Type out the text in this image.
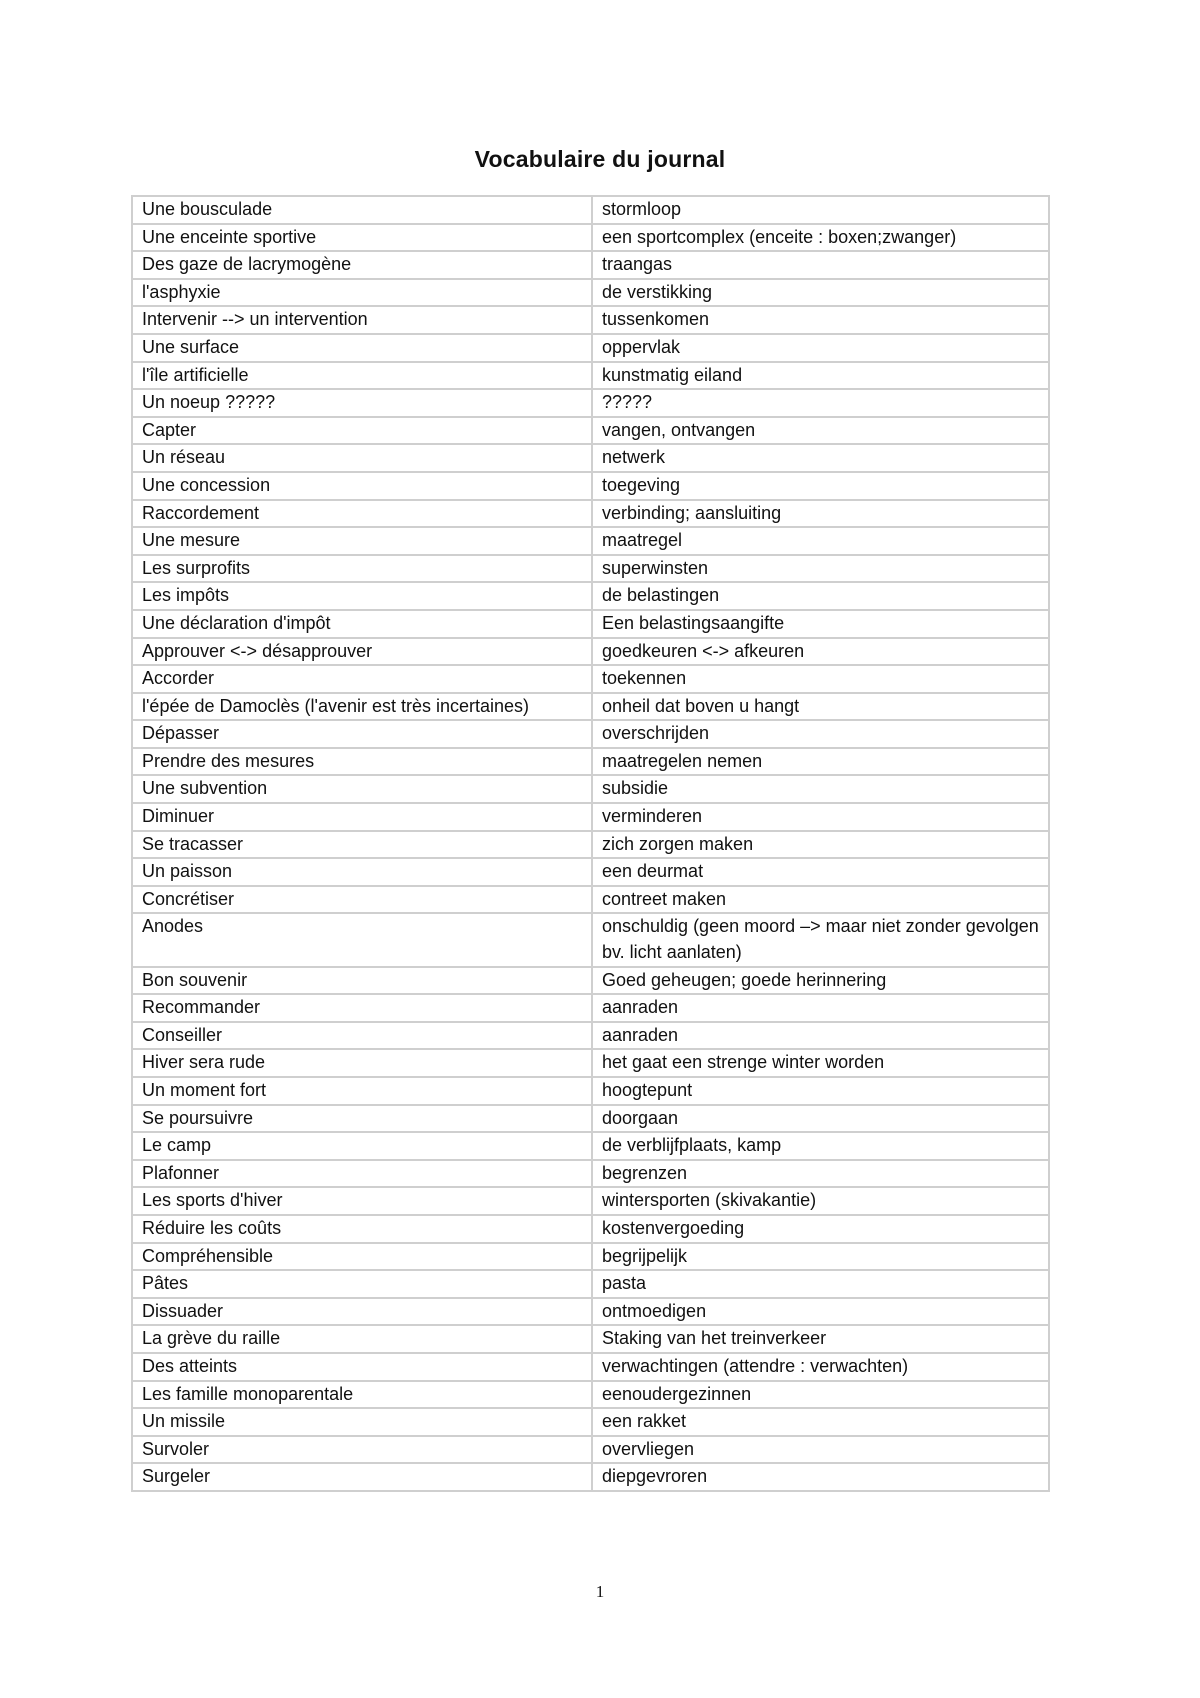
Vocabulaire du journal
Une bousculade	stormloop
Une enceinte sportive	een sportcomplex (enceite : boxen;zwanger)
Des gaze de lacrymogène	traangas
l'asphyxie	de verstikking
Intervenir --> un intervention	tussenkomen
Une surface	oppervlak
l'île artificielle	kunstmatig eiland
Un noeup ?????	?????
Capter	vangen, ontvangen
Un réseau	netwerk
Une concession	toegeving
Raccordement	verbinding; aansluiting
Une mesure	maatregel
Les surprofits	superwinsten
Les impôts	de belastingen
Une déclaration d'impôt	Een belastingsaangifte
Approuver <-> désapprouver	goedkeuren <-> afkeuren
Accorder	toekennen
l'épée de Damoclès (l'avenir est très incertaines)	onheil dat boven u hangt
Dépasser	overschrijden
Prendre des mesures	maatregelen nemen
Une subvention	subsidie
Diminuer	verminderen
Se tracasser	zich zorgen maken
Un paisson	een deurmat
Concrétiser	contreet maken
Anodes	onschuldig (geen moord –> maar niet zonder gevolgen bv. licht aanlaten)
Bon souvenir	Goed geheugen; goede herinnering
Recommander	aanraden
Conseiller	aanraden
Hiver sera rude	het gaat een strenge winter worden
Un moment fort	hoogtepunt
Se poursuivre	doorgaan
Le camp	de verblijfplaats, kamp
Plafonner	begrenzen
Les sports d'hiver	wintersporten (skivakantie)
Réduire les coûts	kostenvergoeding
Compréhensible	begrijpelijk
Pâtes	pasta
Dissuader	ontmoedigen
La grève du raille	Staking van het treinverkeer
Des atteints	verwachtingen (attendre : verwachten)
Les famille monoparentale	eenoudergezinnen
Un missile	een rakket
Survoler	overvliegen
Surgeler	diepgevroren
1
